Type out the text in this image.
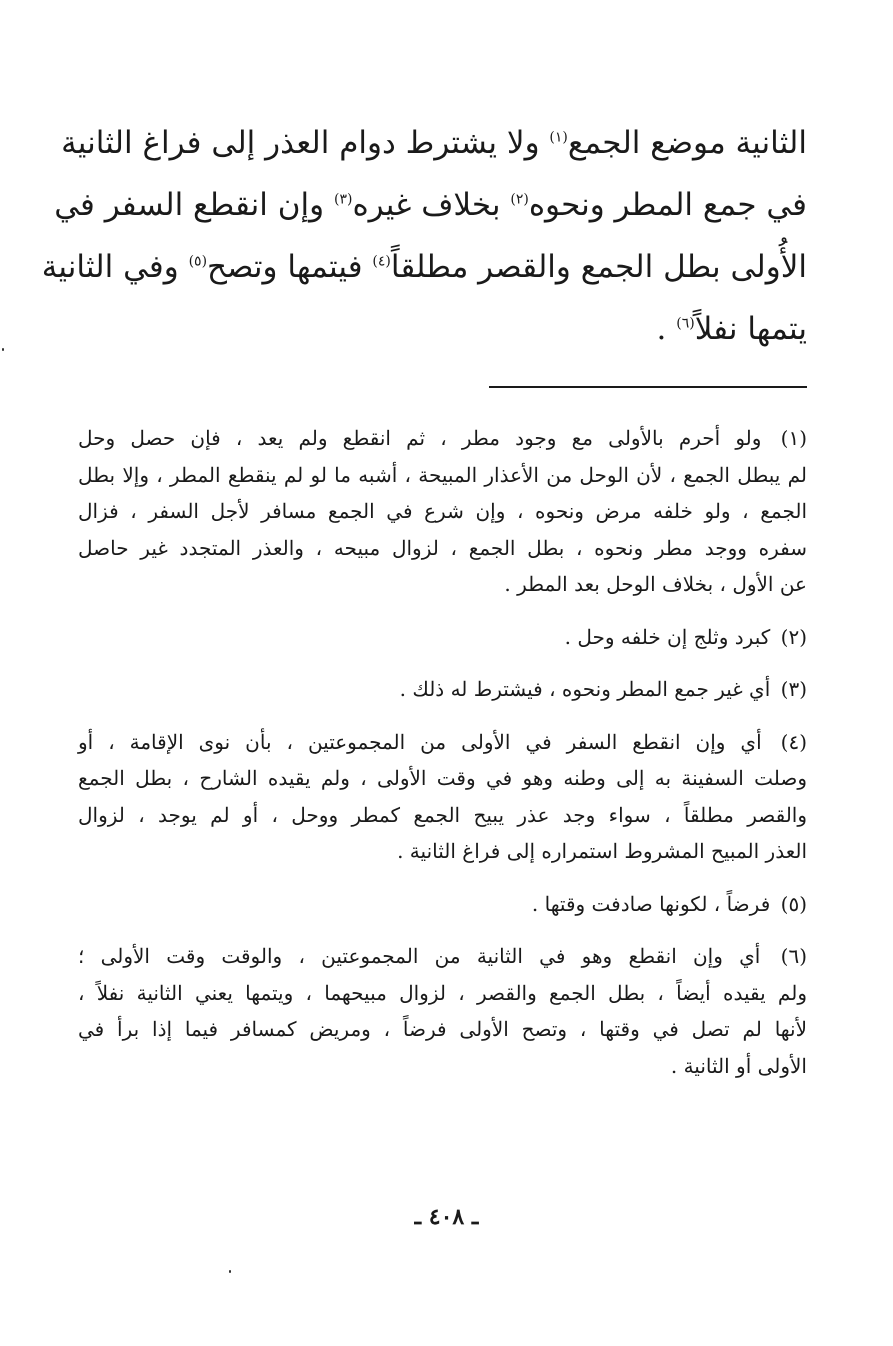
الثانية موضع الجمع$^{(١)}$ ولا يشترط دوام العذر إلى فراغ الثانية
في جمع المطر ونحوه$^{(٢)}$ بخلاف غيره$^{(٣)}$ وإن انقطع السفر في
الأُولى بطل الجمع والقصر مطلقاً$^{(٤)}$ فيتمها وتصح$^{(٥)}$ وفي الثانية
يتمها نفلاً$^{(٦)}$ .
(١) ولو أحرم بالأولى مع وجود مطر ، ثم انقطع ولم يعد ، فإن حصل وحل
لم يبطل الجمع ، لأن الوحل من الأعذار المبيحة ، أشبه ما لو لم ينقطع المطر ، وإلا بطل
الجمع ، ولو خلفه مرض ونحوه ، وإن شرع في الجمع مسافر لأجل السفر ، فزال
سفره ووجد مطر ونحوه ، بطل الجمع ، لزوال مبيحه ، والعذر المتجدد غير حاصل
عن الأول ، بخلاف الوحل بعد المطر .
(٢) كبرد وثلج إن خلفه وحل .
(٣) أي غير جمع المطر ونحوه ، فيشترط له ذلك .
(٤) أي وإن انقطع السفر في الأولى من المجموعتين ، بأن نوى الإقامة ، أو
وصلت السفينة به إلى وطنه وهو في وقت الأولى ، ولم يقيده الشارح ، بطل الجمع
والقصر مطلقاً ، سواء وجد عذر يبيح الجمع كمطر ووحل ، أو لم يوجد ، لزوال
العذر المبيح المشروط استمراره إلى فراغ الثانية .
(٥) فرضاً ، لكونها صادفت وقتها .
(٦) أي وإن انقطع وهو في الثانية من المجموعتين ، والوقت وقت الأولى ؛
ولم يقيده أيضاً ، بطل الجمع والقصر ، لزوال مبيحهما ، ويتمها يعني الثانية نفلاً ،
لأنها لم تصل في وقتها ، وتصح الأولى فرضاً ، ومريض كمسافر فيما إذا برأ في
الأولى أو الثانية .
ـ ٤٠٨ ـ
